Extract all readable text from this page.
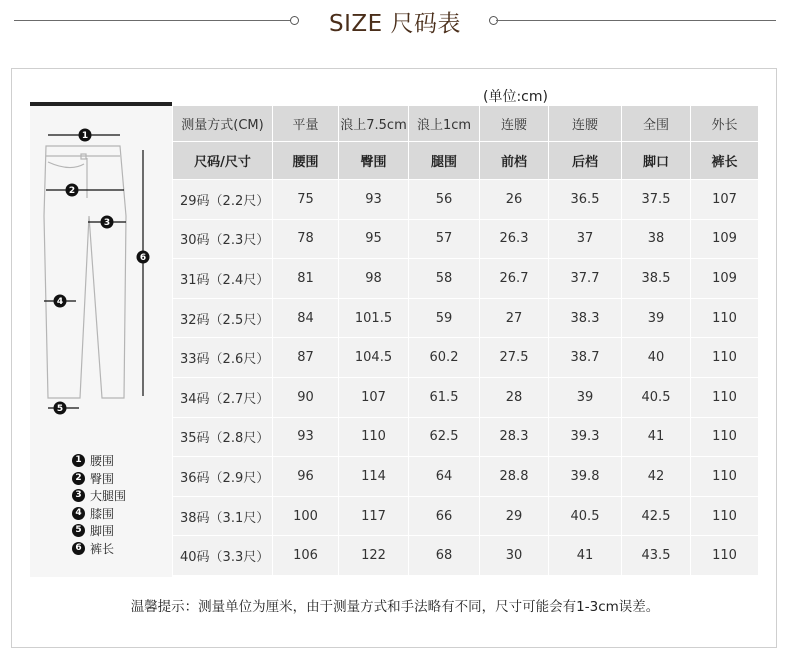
SIZE 尺码表
1
2
3
4
5
6
(单位:cm)
测量方式(CM)	平量	浪上7.5cm	浪上1cm	连腰	连腰	全围	外长
尺码/尺寸	腰围	臀围	腿围	前档	后档	脚口	裤长
29码（2.2尺）	75	93	56	26	36.5	37.5	107
30码（2.3尺）	78	95	57	26.3	37	38	109
31码（2.4尺）	81	98	58	26.7	37.7	38.5	109
32码（2.5尺）	84	101.5	59	27	38.3	39	110
33码（2.6尺）	87	104.5	60.2	27.5	38.7	40	110
34码（2.7尺）	90	107	61.5	28	39	40.5	110
35码（2.8尺）	93	110	62.5	28.3	39.3	41	110
36码（2.9尺）	96	114	64	28.8	39.8	42	110
38码（3.1尺）	100	117	66	29	40.5	42.5	110
40码（3.3尺）	106	122	68	30	41	43.5	110
1 腰围
2 臀围
3 大腿围
4 膝围
5 脚围
6 裤长
温馨提示：测量单位为厘米，由于测量方式和手法略有不同，尺寸可能会有1-3cm误差。
